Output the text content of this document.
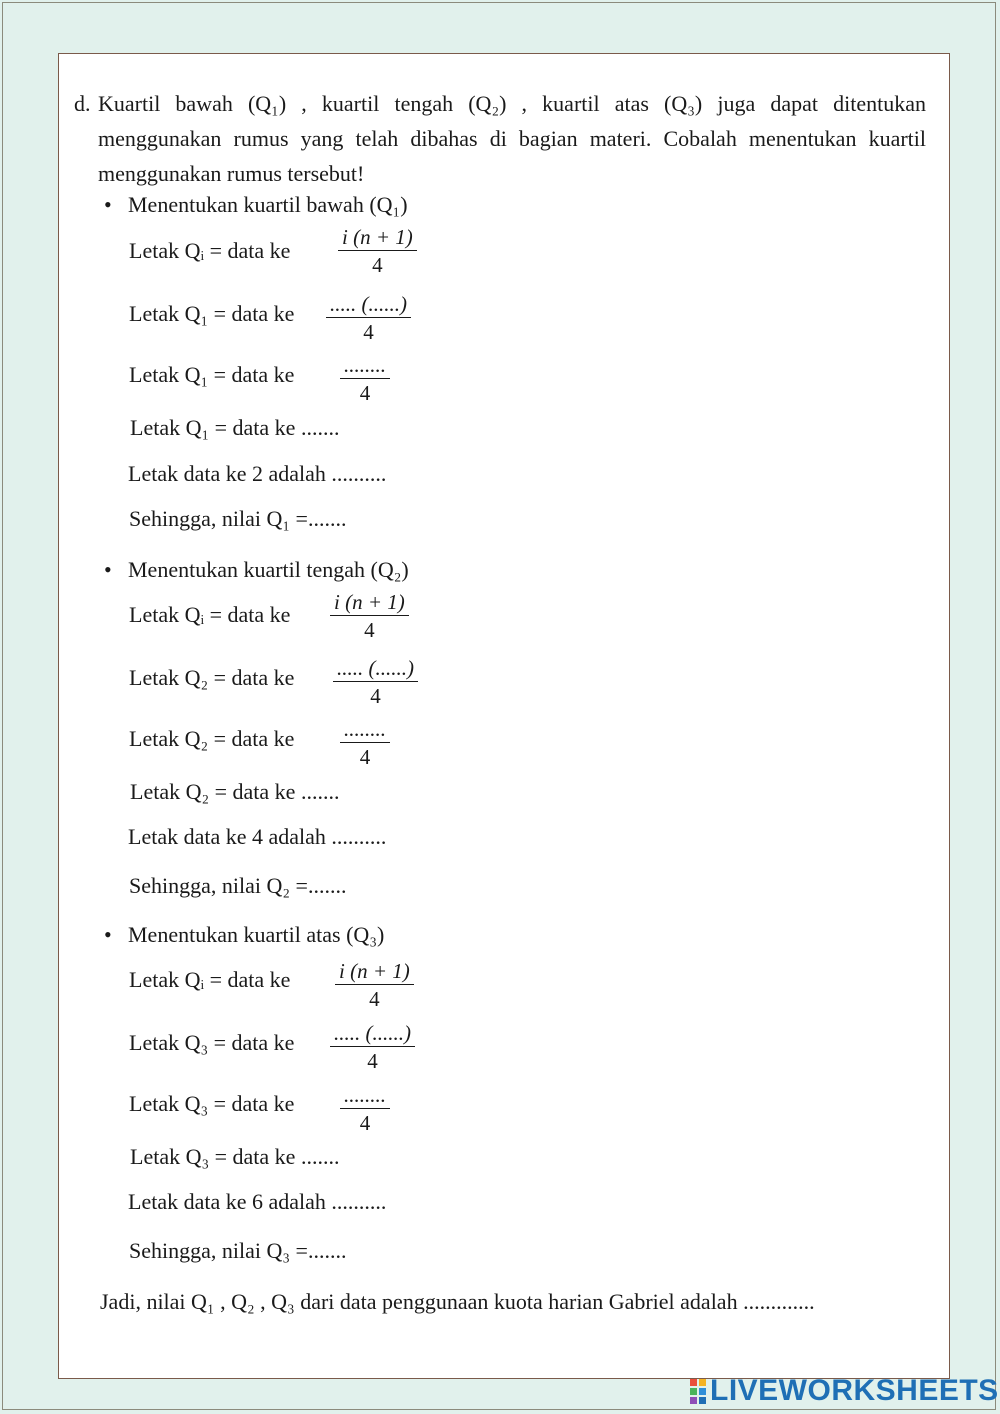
d. Kuartil bawah (Q₁) , kuartil tengah (Q₂) , kuartil atas (Q₃) juga dapat ditentukan menggunakan rumus yang telah dibahas di bagian materi. Cobalah menentukan kuartil menggunakan rumus tersebut!
• Menentukan kuartil bawah (Q₁)
Letak Qᵢ = data ke $\frac{i (n + 1)}{4}$
Letak Q₁ = data ke ..... (......)
4
Letak Q₁ = data ke ........
4
Letak Q₁ = data ke .......
Letak data ke 2 adalah ..........
Sehingga, nilai Q₁ =.......
• Menentukan kuartil tengah (Q₂)
Letak Qᵢ = data ke $\frac{i (n + 1)}{4}$
Letak Q₂ = data ke ..... (......)
4
Letak Q₂ = data ke ........
4
Letak Q₂ = data ke .......
Letak data ke 4 adalah ..........
Sehingga, nilai Q₂ =.......
• Menentukan kuartil atas (Q₃)
Letak Qᵢ = data ke $\frac{i (n + 1)}{4}$
Letak Q₃ = data ke ..... (......)
4
Letak Q₃ = data ke ........
4
Letak Q₃ = data ke .......
Letak data ke 6 adalah ..........
Sehingga, nilai Q₃ =.......
Jadi, nilai Q₁ , Q₂ , Q₃ dari data penggunaan kuota harian Gabriel adalah .............
LIVEWORKSHEETS
